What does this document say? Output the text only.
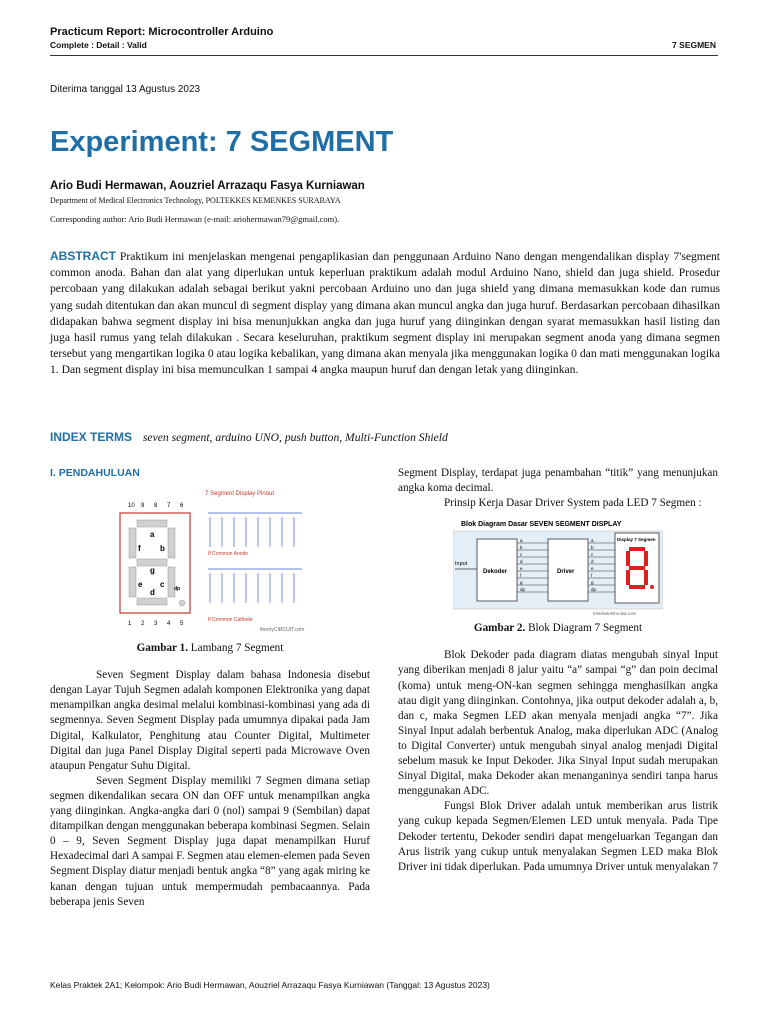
Practicum Report: Microcontroller Arduino
Complete : Detail : Valid	7 SEGMEN
Diterima tanggal 13 Agustus 2023
Experiment: 7 SEGMENT
Ario Budi Hermawan, Aouzriel Arrazaqu Fasya Kurniawan
Department of Medical Electronics Technology, POLTEKKES KEMENKES SURABAYA
Corresponding author: Ario Budi Hermawan (e-mail: ariohermawan79@gmail.com).
ABSTRACT Praktikum ini menjelaskan mengenai pengaplikasian dan penggunaan Arduino Nano dengan mengendalikan display 7'segment common anoda. Bahan dan alat yang diperlukan untuk keperluan praktikum adalah modul Arduino Nano, shield dan juga shield. Prosedur percobaan yang dilakukan adalah sebagai berikut yakni percobaan Arduino uno dan juga shield yang dimana memasukkan kode dan rumus yang sudah ditentukan dan akan muncul di segment display yang dimana akan muncul angka dan juga huruf. Berdasarkan percobaan dihasilkan didapakan bahwa segment display ini bisa menunjukkan angka dan juga huruf yang diinginkan dengan syarat memasukkan hasil listing dan juga hasil rumus yang telah dilakukan . Secara keseluruhan, praktikum segment display ini merupakan segment anoda yang dimana segmen tersebut yang mengartikan logika 0 atau logika kebalikan, yang dimana akan menyala jika menggunakan logika 0 dan mati menggunakan logika 1. Dan segment display ini bisa memunculkan 1 sampai 4 angka maupun huruf dan dengan letak yang diinginkan.
INDEX TERMS seven segment, arduino UNO, push button, Multi-Function Shield
I. PENDAHULUAN
7 Segment Display Pinout
10 9 8 7 6
a
b
c
d
e
f
g
dp
1 2 3 4 5
If Common Anode
If Common Cathode
theoryCIRCUIT.com
Gambar 1. Lambang 7 Segment

Seven Segment Display dalam bahasa Indonesia disebut dengan Layar Tujuh Segmen adalah komponen Elektronika yang dapat menampilkan angka desimal melalui kombinasi-kombinasi yang ada di segmennya. Seven Segment Display pada umumnya dipakai pada Jam Digital, Kalkulator, Penghitung atau Counter Digital, Multimeter Digital dan juga Panel Display Digital seperti pada Microwave Oven ataupun Pengatur Suhu Digital.

Seven Segment Display memiliki 7 Segmen dimana setiap segmen dikendalikan secara ON dan OFF untuk menampilkan angka yang diinginkan. Angka-angka dari 0 (nol) sampai 9 (Sembilan) dapat ditampilkan dengan menggunakan beberapa kombinasi Segmen. Selain 0 – 9, Seven Segment Display juga dapat menampilkan Huruf Hexadecimal dari A sampai F. Segmen atau elemen-elemen pada Seven Segment Display diatur menjadi bentuk angka “8” yang agak miring ke kanan dengan tujuan untuk mempermudah pembacaannya. Pada beberapa jenis Seven

Segment Display, terdapat juga penambahan “titik” yang menunjukan angka koma decimal.

Prinsip Kerja Dasar Driver System pada LED 7 Segmen :

Blok Diagram Dasar SEVEN SEGMENT DISPLAY
Input
Dekoder
a
b
c
d
e
f
g
dp
Driver
a
b
c
d
e
f
g
dp
Display 7 Segmen
teknikelektronika.com
Gambar 2. Blok Diagram 7 Segment

Blok Dekoder pada diagram diatas mengubah sinyal Input yang diberikan menjadi 8 jalur yaitu “a” sampai “g” dan poin decimal (koma) untuk meng-ON-kan segmen sehingga menghasilkan angka atau digit yang diinginkan. Contohnya, jika output dekoder adalah a, b, dan c, maka Segmen LED akan menyala menjadi angka “7”. Jika Sinyal Input adalah berbentuk Analog, maka diperlukan ADC (Analog to Digital Converter) untuk mengubah sinyal analog menjadi Digital sebelum masuk ke Input Dekoder. Jika Sinyal Input sudah merupakan Sinyal Digital, maka Dekoder akan menanganinya sendiri tanpa harus menggunakan ADC.

Fungsi Blok Driver adalah untuk memberikan arus listrik yang cukup kepada Segmen/Elemen LED untuk menyala. Pada Tipe Dekoder tertentu, Dekoder sendiri dapat mengeluarkan Tegangan dan Arus listrik yang cukup untuk menyalakan Segmen LED maka Blok Driver ini tidak diperlukan. Pada umumnya Driver untuk menyalakan 7

Kelas Praktek 2A1; Kelompok: Ario Budi Hermawan, Aouzriel Arrazaqu Fasya Kurniawan (Tanggal: 13 Agustus 2023)
